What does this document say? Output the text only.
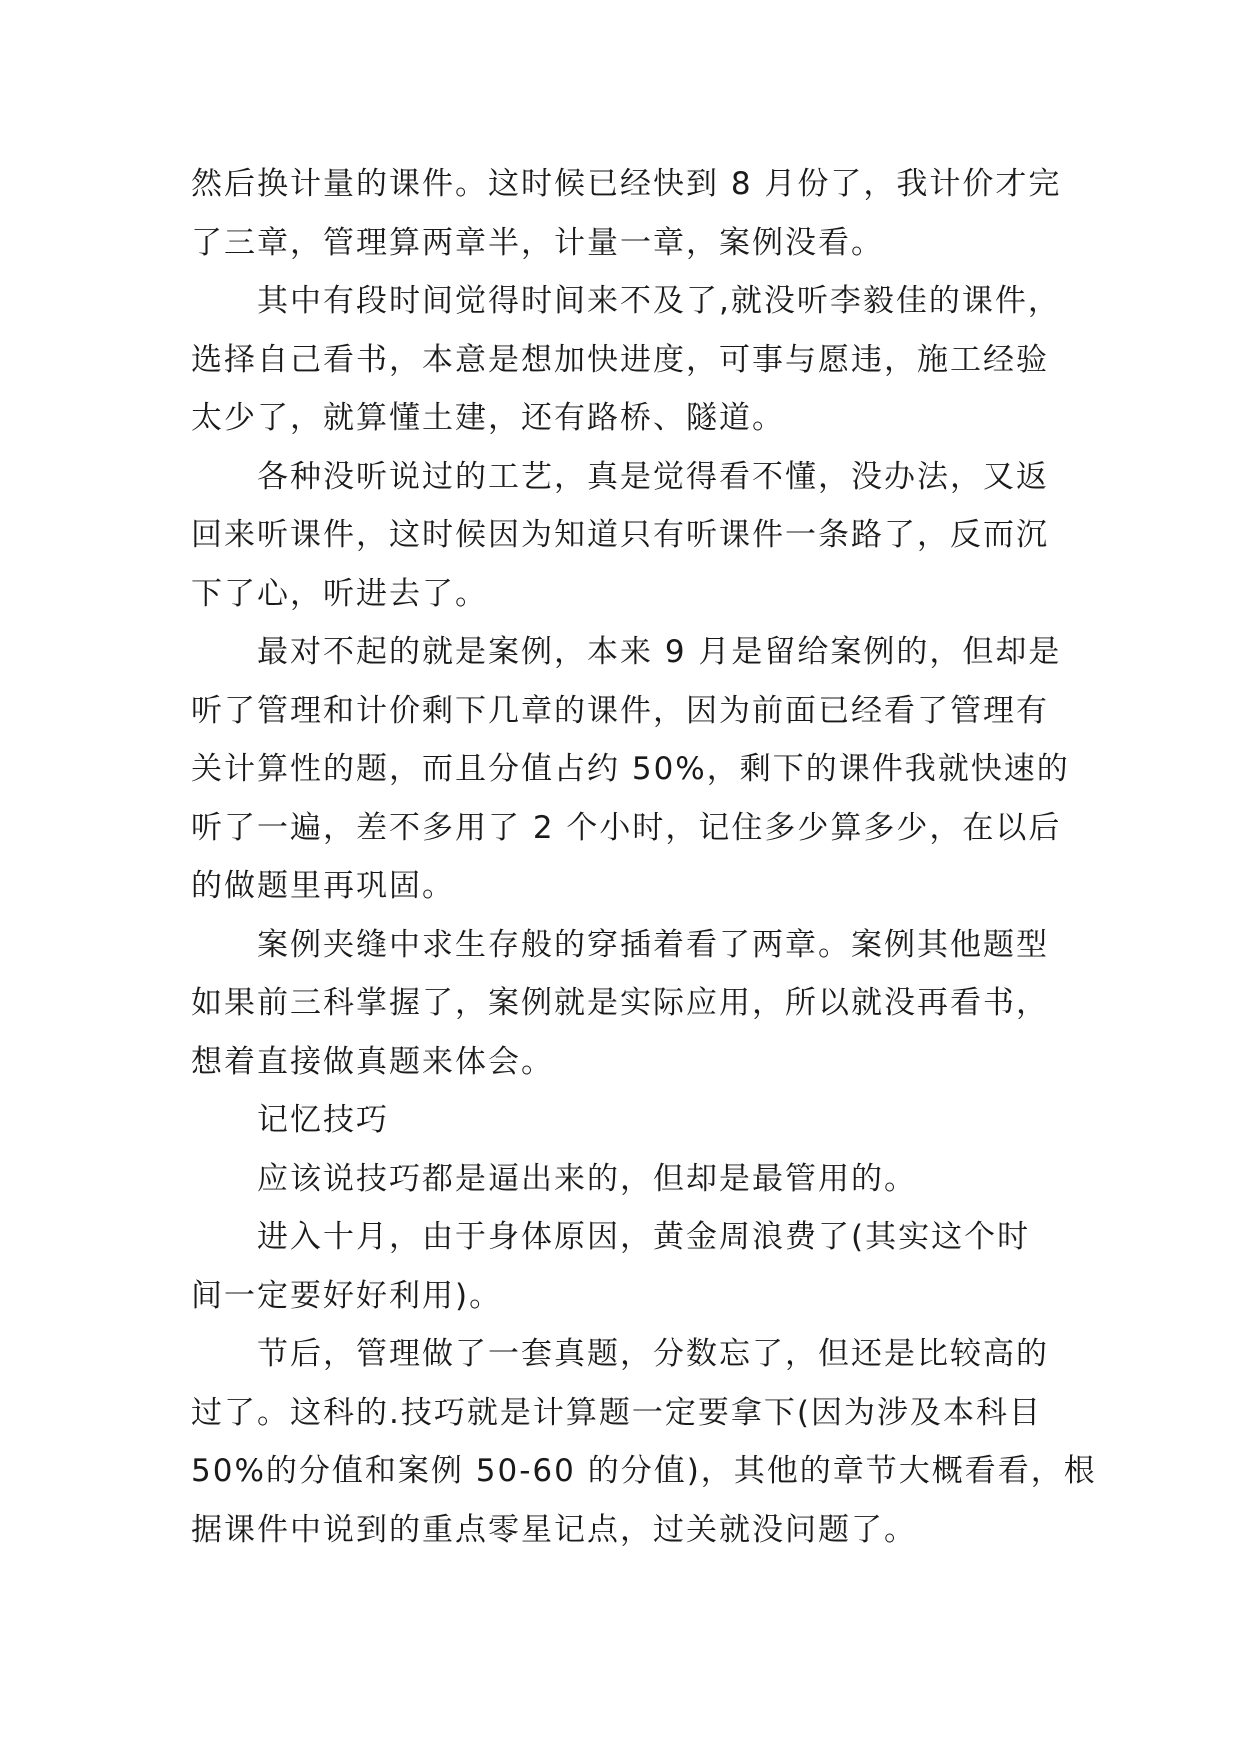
然后换计量的课件。这时候已经快到 8 月份了，我计价才完
了三章，管理算两章半，计量一章，案例没看。
其中有段时间觉得时间来不及了,就没听李毅佳的课件，
选择自己看书，本意是想加快进度，可事与愿违，施工经验
太少了，就算懂土建，还有路桥、隧道。
各种没听说过的工艺，真是觉得看不懂，没办法，又返
回来听课件，这时候因为知道只有听课件一条路了，反而沉
下了心，听进去了。
最对不起的就是案例，本来 9 月是留给案例的，但却是
听了管理和计价剩下几章的课件，因为前面已经看了管理有
关计算性的题，而且分值占约 50%，剩下的课件我就快速的
听了一遍，差不多用了 2 个小时，记住多少算多少，在以后
的做题里再巩固。
案例夹缝中求生存般的穿插着看了两章。案例其他题型
如果前三科掌握了，案例就是实际应用，所以就没再看书，
想着直接做真题来体会。
记忆技巧
应该说技巧都是逼出来的，但却是最管用的。
进入十月，由于身体原因，黄金周浪费了(其实这个时
间一定要好好利用)。
节后，管理做了一套真题，分数忘了，但还是比较高的
过了。这科的.技巧就是计算题一定要拿下(因为涉及本科目
50%的分值和案例 50-60 的分值)，其他的章节大概看看，根
据课件中说到的重点零星记点，过关就没问题了。
